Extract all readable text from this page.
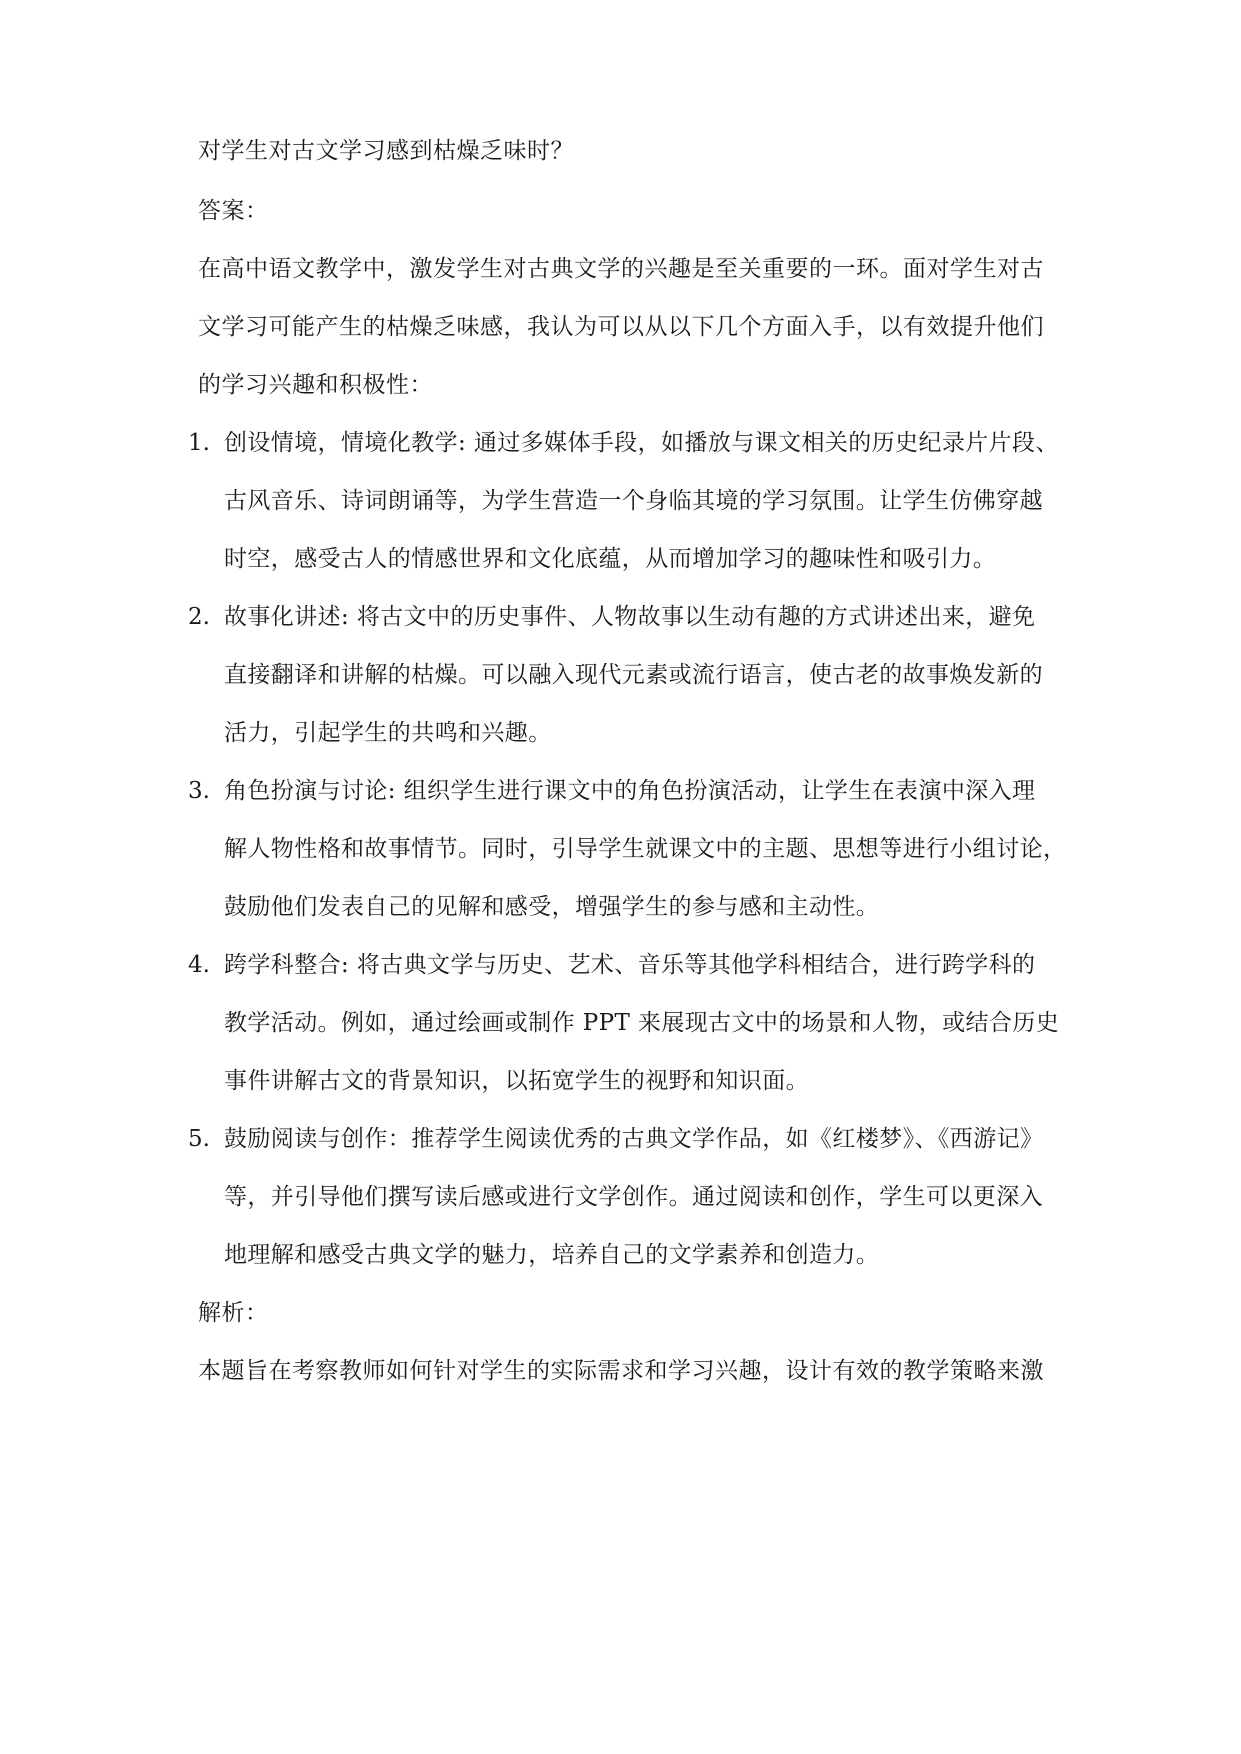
对学生对古文学习感到枯燥乏味时？
答案：
在高中语文教学中，激发学生对古典文学的兴趣是至关重要的一环。面对学生对古
文学习可能产生的枯燥乏味感，我认为可以从以下几个方面入手，以有效提升他们
的学习兴趣和积极性：
1. 创设情境，情境化教学: 通过多媒体手段，如播放与课文相关的历史纪录片片段、
古风音乐、诗词朗诵等，为学生营造一个身临其境的学习氛围。让学生仿佛穿越
时空，感受古人的情感世界和文化底蕴，从而增加学习的趣味性和吸引力。
2. 故事化讲述: 将古文中的历史事件、人物故事以生动有趣的方式讲述出来，避免
直接翻译和讲解的枯燥。可以融入现代元素或流行语言，使古老的故事焕发新的
活力，引起学生的共鸣和兴趣。
3. 角色扮演与讨论: 组织学生进行课文中的角色扮演活动，让学生在表演中深入理
解人物性格和故事情节。同时，引导学生就课文中的主题、思想等进行小组讨论，
鼓励他们发表自己的见解和感受，增强学生的参与感和主动性。
4. 跨学科整合: 将古典文学与历史、艺术、音乐等其他学科相结合，进行跨学科的
教学活动。例如，通过绘画或制作 PPT 来展现古文中的场景和人物，或结合历史
事件讲解古文的背景知识，以拓宽学生的视野和知识面。
5. 鼓励阅读与创作：推荐学生阅读优秀的古典文学作品，如《红楼梦》、《西游记》
等，并引导他们撰写读后感或进行文学创作。通过阅读和创作，学生可以更深入
地理解和感受古典文学的魅力，培养自己的文学素养和创造力。
解析：
本题旨在考察教师如何针对学生的实际需求和学习兴趣，设计有效的教学策略来激
